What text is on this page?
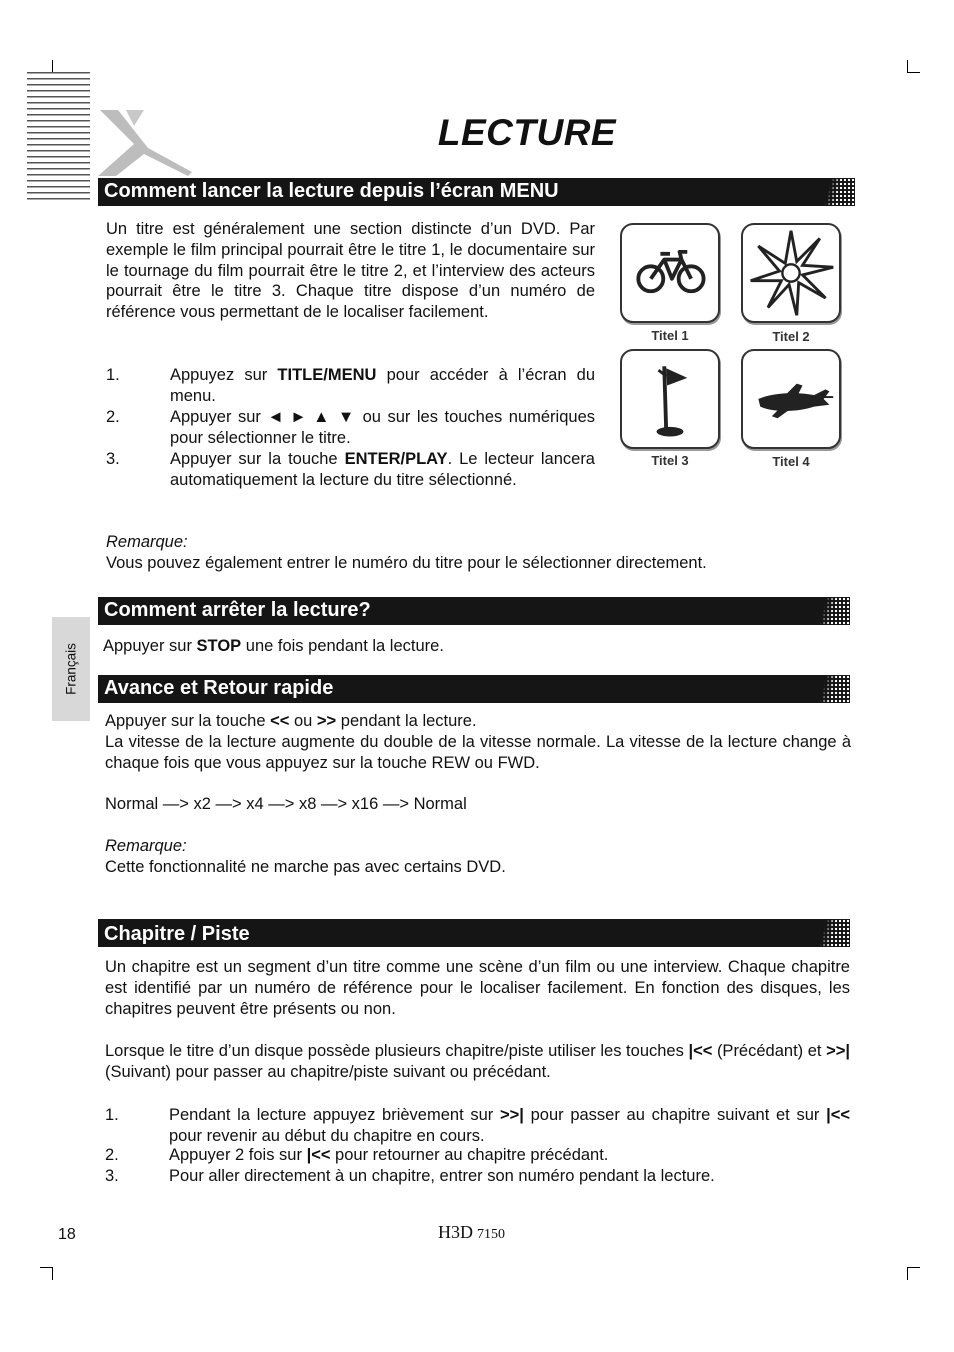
LECTURE
Comment lancer la lecture depuis l’écran MENU
Un titre est généralement une section distincte d’un DVD. Par exemple le film principal pourrait être le titre 1, le documentaire sur le tournage du film pourrait être le titre 2, et l’interview des acteurs pourrait être le titre 3. Chaque titre dispose d’un numéro de référence vous permettant de le localiser facilement.
1.	Appuyez sur TITLE/MENU pour accéder à l’écran du menu.
2.	Appuyer sur ◄ ► ▲ ▼ ou sur les touches numériques pour sélectionner le titre.
3.	Appuyer sur la touche ENTER/PLAY. Le lecteur lancera automatiquement la lecture du titre sélectionné.
Titel 1	Titel 2
Titel 3	Titel 4
Remarque:
Vous pouvez également entrer le numéro du titre pour le sélectionner directement.
Comment arrêter la lecture?
Appuyer sur STOP une fois pendant la lecture.
Français Avance et Retour rapide
Appuyer sur la touche << ou >> pendant la lecture.
La vitesse de la lecture augmente du double de la vitesse normale. La vitesse de la lecture change à chaque fois que vous appuyez sur la touche REW ou FWD.
Normal —> x2 —> x4 —> x8 —> x16 —> Normal
Remarque:
Cette fonctionnalité ne marche pas avec certains DVD.
Chapitre / Piste
Un chapitre est un segment d’un titre comme une scène d’un film ou une interview. Chaque chapitre est identifié par un numéro de référence pour le localiser facilement. En fonction des disques, les chapitres peuvent être présents ou non.
Lorsque le titre d’un disque possède plusieurs chapitre/piste utiliser les touches |<< (Précédant) et >>| (Suivant) pour passer au chapitre/piste suivant ou précédant.
1.	Pendant la lecture appuyez brièvement sur >>| pour passer au chapitre suivant et sur |<< pour revenir au début du chapitre en cours.
2.	Appuyer 2 fois sur |<< pour retourner au chapitre précédant.
3.	Pour aller directement à un chapitre, entrer son numéro pendant la lecture.
18	H3D 7150
